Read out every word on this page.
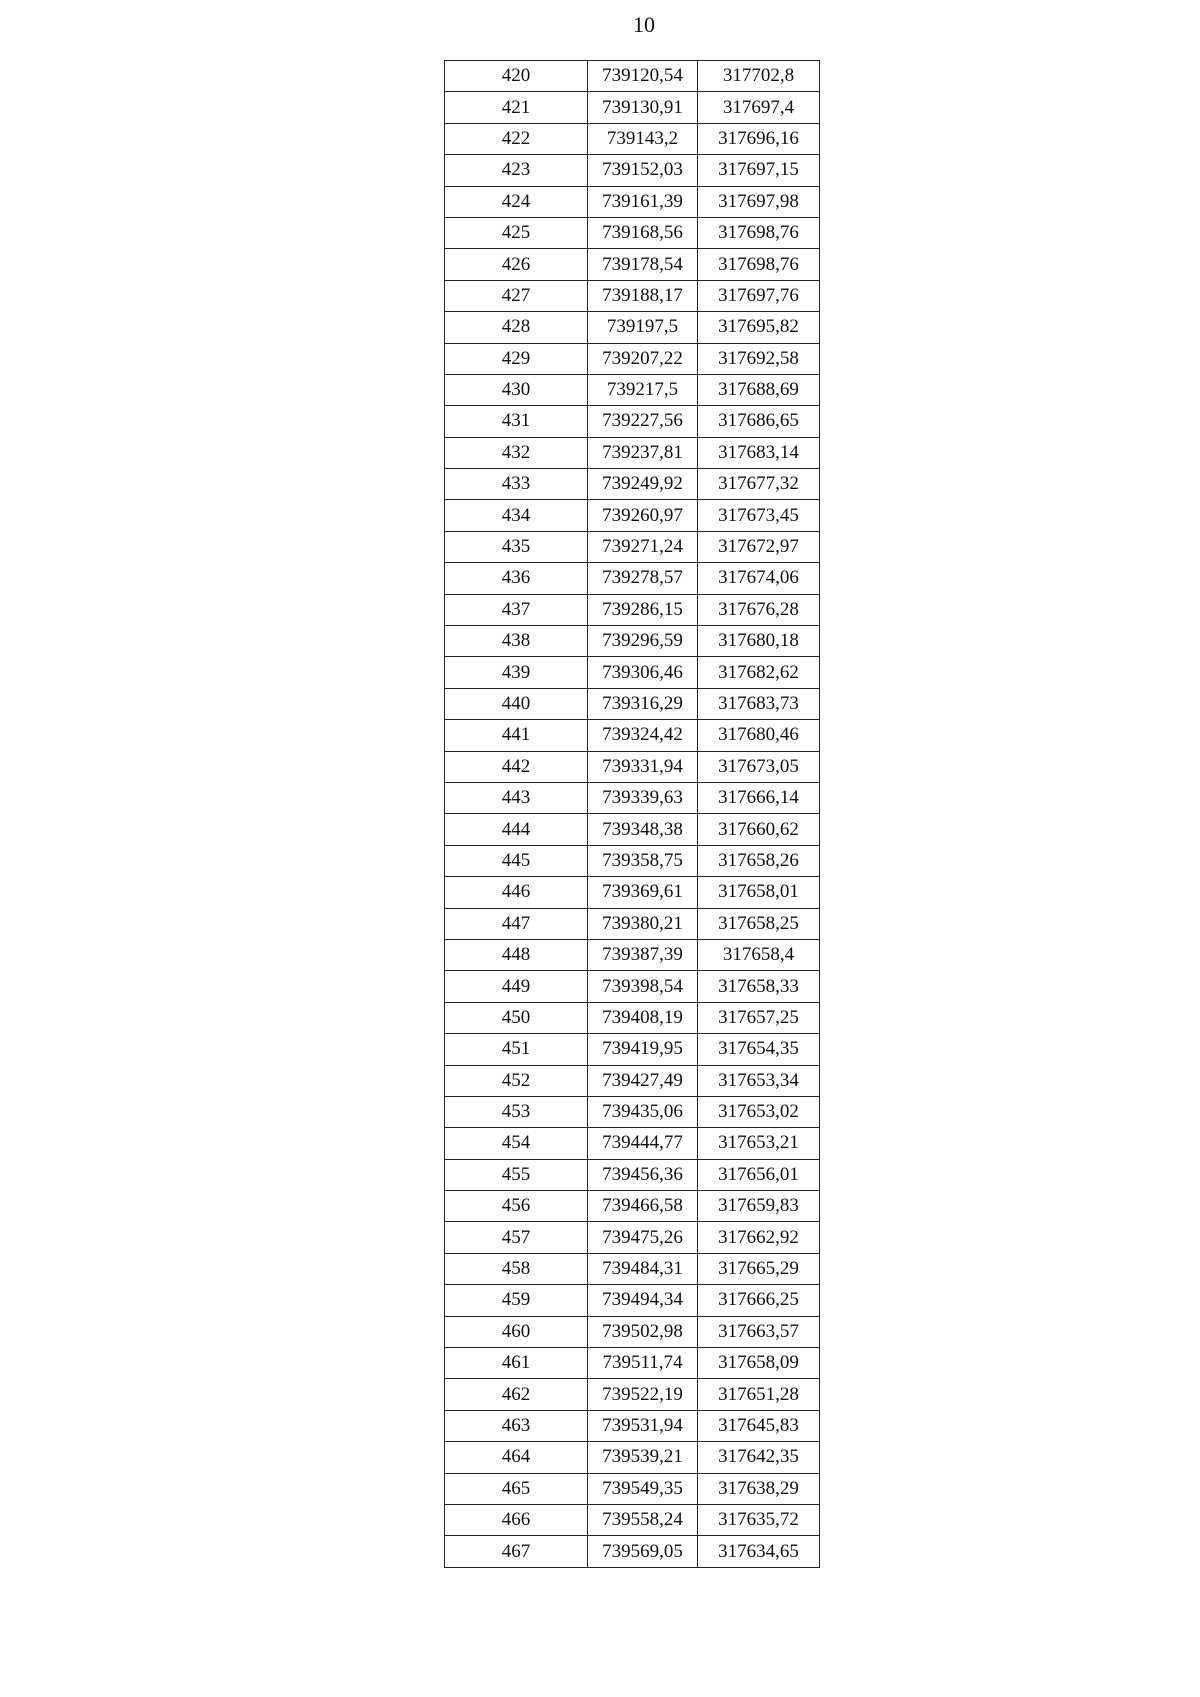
10
420	739120,54	317702,8
421	739130,91	317697,4
422	739143,2	317696,16
423	739152,03	317697,15
424	739161,39	317697,98
425	739168,56	317698,76
426	739178,54	317698,76
427	739188,17	317697,76
428	739197,5	317695,82
429	739207,22	317692,58
430	739217,5	317688,69
431	739227,56	317686,65
432	739237,81	317683,14
433	739249,92	317677,32
434	739260,97	317673,45
435	739271,24	317672,97
436	739278,57	317674,06
437	739286,15	317676,28
438	739296,59	317680,18
439	739306,46	317682,62
440	739316,29	317683,73
441	739324,42	317680,46
442	739331,94	317673,05
443	739339,63	317666,14
444	739348,38	317660,62
445	739358,75	317658,26
446	739369,61	317658,01
447	739380,21	317658,25
448	739387,39	317658,4
449	739398,54	317658,33
450	739408,19	317657,25
451	739419,95	317654,35
452	739427,49	317653,34
453	739435,06	317653,02
454	739444,77	317653,21
455	739456,36	317656,01
456	739466,58	317659,83
457	739475,26	317662,92
458	739484,31	317665,29
459	739494,34	317666,25
460	739502,98	317663,57
461	739511,74	317658,09
462	739522,19	317651,28
463	739531,94	317645,83
464	739539,21	317642,35
465	739549,35	317638,29
466	739558,24	317635,72
467	739569,05	317634,65
